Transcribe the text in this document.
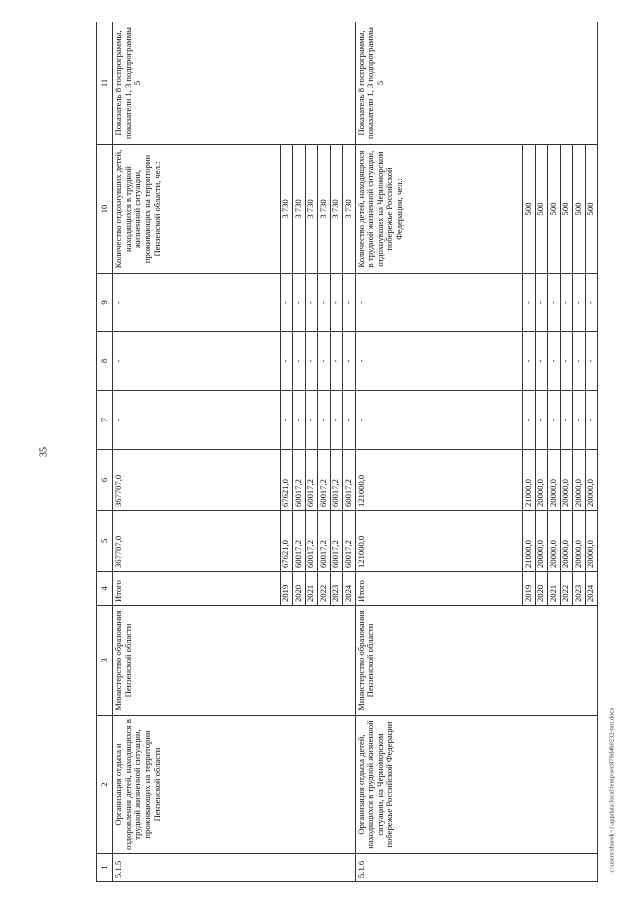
35
1	2	3	4	5	6	7	8	9	10	11
5.1.5	Организация отдыха и оздоровления детей, находящихся в трудной жизненной ситуации, проживающих на территории Пензенской области	Министерство образования Пензенской области	Итого	367707,0	367707,0	-	-	-	Количество отдохнувших детей, находящихся в трудной жизненной ситуации, проживающих на территории Пензенской области, чел.:	Показатель 8 госпрограммы, показатели 1, 3 подпрограммы 5
			2019	67621,0	67621,0	-	-	-	3 730	
			2020	60017,2	60017,2	-	-	-	3 730	
			2021	60017,2	60017,2	-	-	-	3 730	
			2022	60017,2	60017,2	-	-	-	3 730	
			2023	60017,2	60017,2	-	-	-	3 730	
			2024	60017,2	60017,2	-	-	-	3 730	
5.1.6	Организация отдыха детей, находящихся в трудной жизненной ситуации, на Черноморском побережье Российской Федерации	Министерство образования Пензенской области	Итого	121000,0	121000,0	-	-	-	Количество детей, находящихся в трудной жизненной ситуации, отдохнувших на Черноморском побережье Российской Федерации, чел.:	Показатель 8 госпрограммы, показатели 1, 3 подпрограммы 5
			2019	21000,0	21000,0	-	-	-	500	
			2020	20000,0	20000,0	-	-	-	500	
			2021	20000,0	20000,0	-	-	-	500	
			2022	20000,0	20000,0	-	-	-	500	
			2023	20000,0	20000,0	-	-	-	500	
			2024	20000,0	20000,0	-	-	-	500	
c:\users\shorok~1\appdata\local\temp\sec879d4b0232-nrn.docx
